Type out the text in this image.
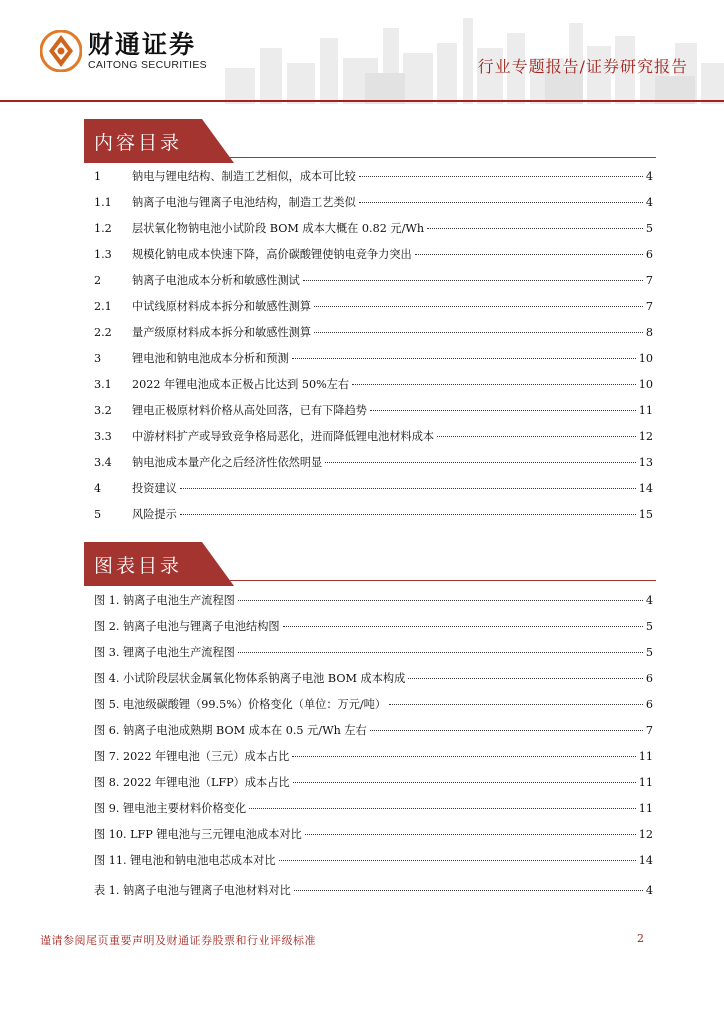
财通证券
CAITONG SECURITIES	行业专题报告/证券研究报告
内容目录
1	钠电与锂电结构、制造工艺相似，成本可比较	4
1.1	钠离子电池与锂离子电池结构，制造工艺类似	4
1.2	层状氧化物钠电池小试阶段 BOM 成本大概在 0.82 元/Wh	5
1.3	规模化钠电成本快速下降，高价碳酸锂使钠电竞争力突出	6
2	钠离子电池成本分析和敏感性测试	7
2.1	中试线原材料成本拆分和敏感性测算	7
2.2	量产级原材料成本拆分和敏感性测算	8
3	锂电池和钠电池成本分析和预测	10
3.1	2022 年锂电池成本正极占比达到 50%左右	10
3.2	锂电正极原材料价格从高处回落，已有下降趋势	11
3.3	中游材料扩产或导致竞争格局恶化，进而降低锂电池材料成本	12
3.4	钠电池成本量产化之后经济性依然明显	13
4	投资建议	14
5	风险提示	15
图表目录
图 1. 钠离子电池生产流程图	4
图 2. 钠离子电池与锂离子电池结构图	5
图 3. 锂离子电池生产流程图	5
图 4. 小试阶段层状金属氧化物体系钠离子电池 BOM 成本构成	6
图 5. 电池级碳酸锂（99.5%）价格变化（单位：万元/吨）	6
图 6. 钠离子电池成熟期 BOM 成本在 0.5 元/Wh 左右	7
图 7. 2022 年锂电池（三元）成本占比	11
图 8. 2022 年锂电池（LFP）成本占比	11
图 9. 锂电池主要材料价格变化	11
图 10. LFP 锂电池与三元锂电池成本对比	12
图 11. 锂电池和钠电池电芯成本对比	14
表 1. 钠离子电池与锂离子电池材料对比	4
谨请参阅尾页重要声明及财通证券股票和行业评级标准	2
